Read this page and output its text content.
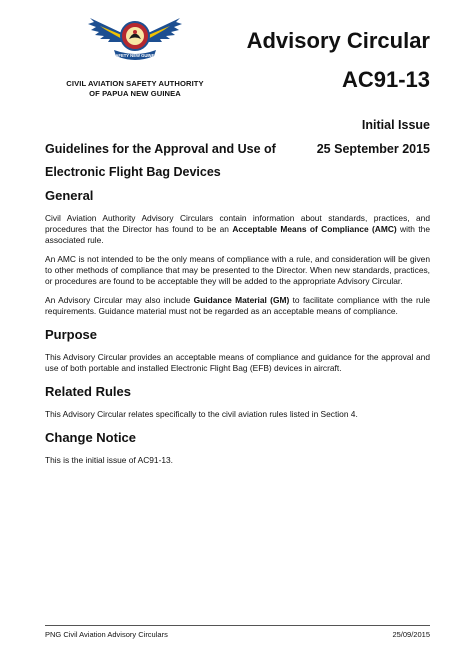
SAFETY NEW GUINEA
CIVIL AVIATION SAFETY AUTHORITY
OF PAPUA NEW GUINEA
Advisory Circular
AC91-13
Initial Issue
Guidelines for the Approval and Use of	25 September 2015
Electronic Flight Bag Devices
General

Civil Aviation Authority Advisory Circulars contain information about standards, practices, and procedures that the Director has found to be an Acceptable Means of Compliance (AMC) with the associated rule.

An AMC is not intended to be the only means of compliance with a rule, and consideration will be given to other methods of compliance that may be presented to the Director. When new standards, practices, or procedures are found to be acceptable they will be added to the appropriate Advisory Circular.

An Advisory Circular may also include Guidance Material (GM) to facilitate compliance with the rule requirements. Guidance material must not be regarded as an acceptable means of compliance.

Purpose

This Advisory Circular provides an acceptable means of compliance and guidance for the approval and use of both portable and installed Electronic Flight Bag (EFB) devices in aircraft.

Related Rules

This Advisory Circular relates specifically to the civil aviation rules listed in Section 4.

Change Notice

This is the initial issue of AC91-13.

PNG Civil Aviation Advisory Circulars	25/09/2015
